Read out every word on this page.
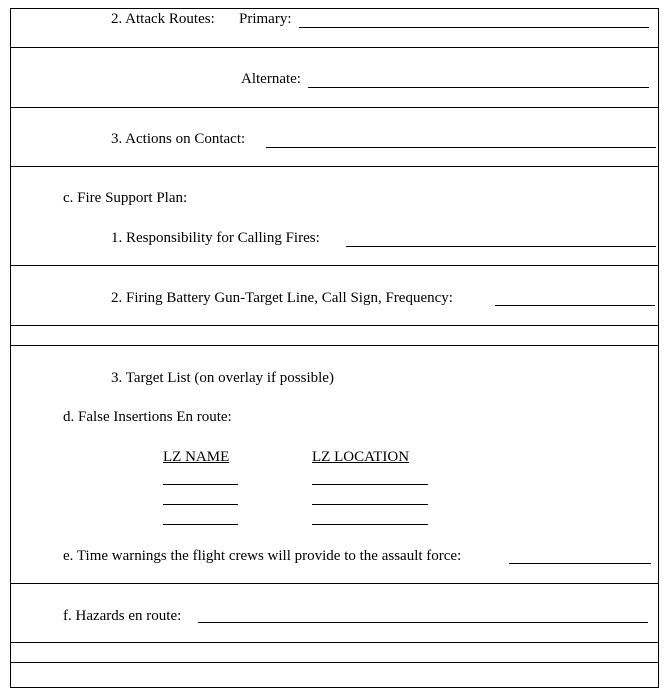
2. Attack Routes: Primary:
Alternate:
3. Actions on Contact:
c. Fire Support Plan:
1. Responsibility for Calling Fires:
2. Firing Battery Gun-Target Line, Call Sign, Frequency:
3. Target List (on overlay if possible)
d. False Insertions En route:
LZ NAME	LZ LOCATION
e. Time warnings the flight crews will provide to the assault force:
f. Hazards en route:
